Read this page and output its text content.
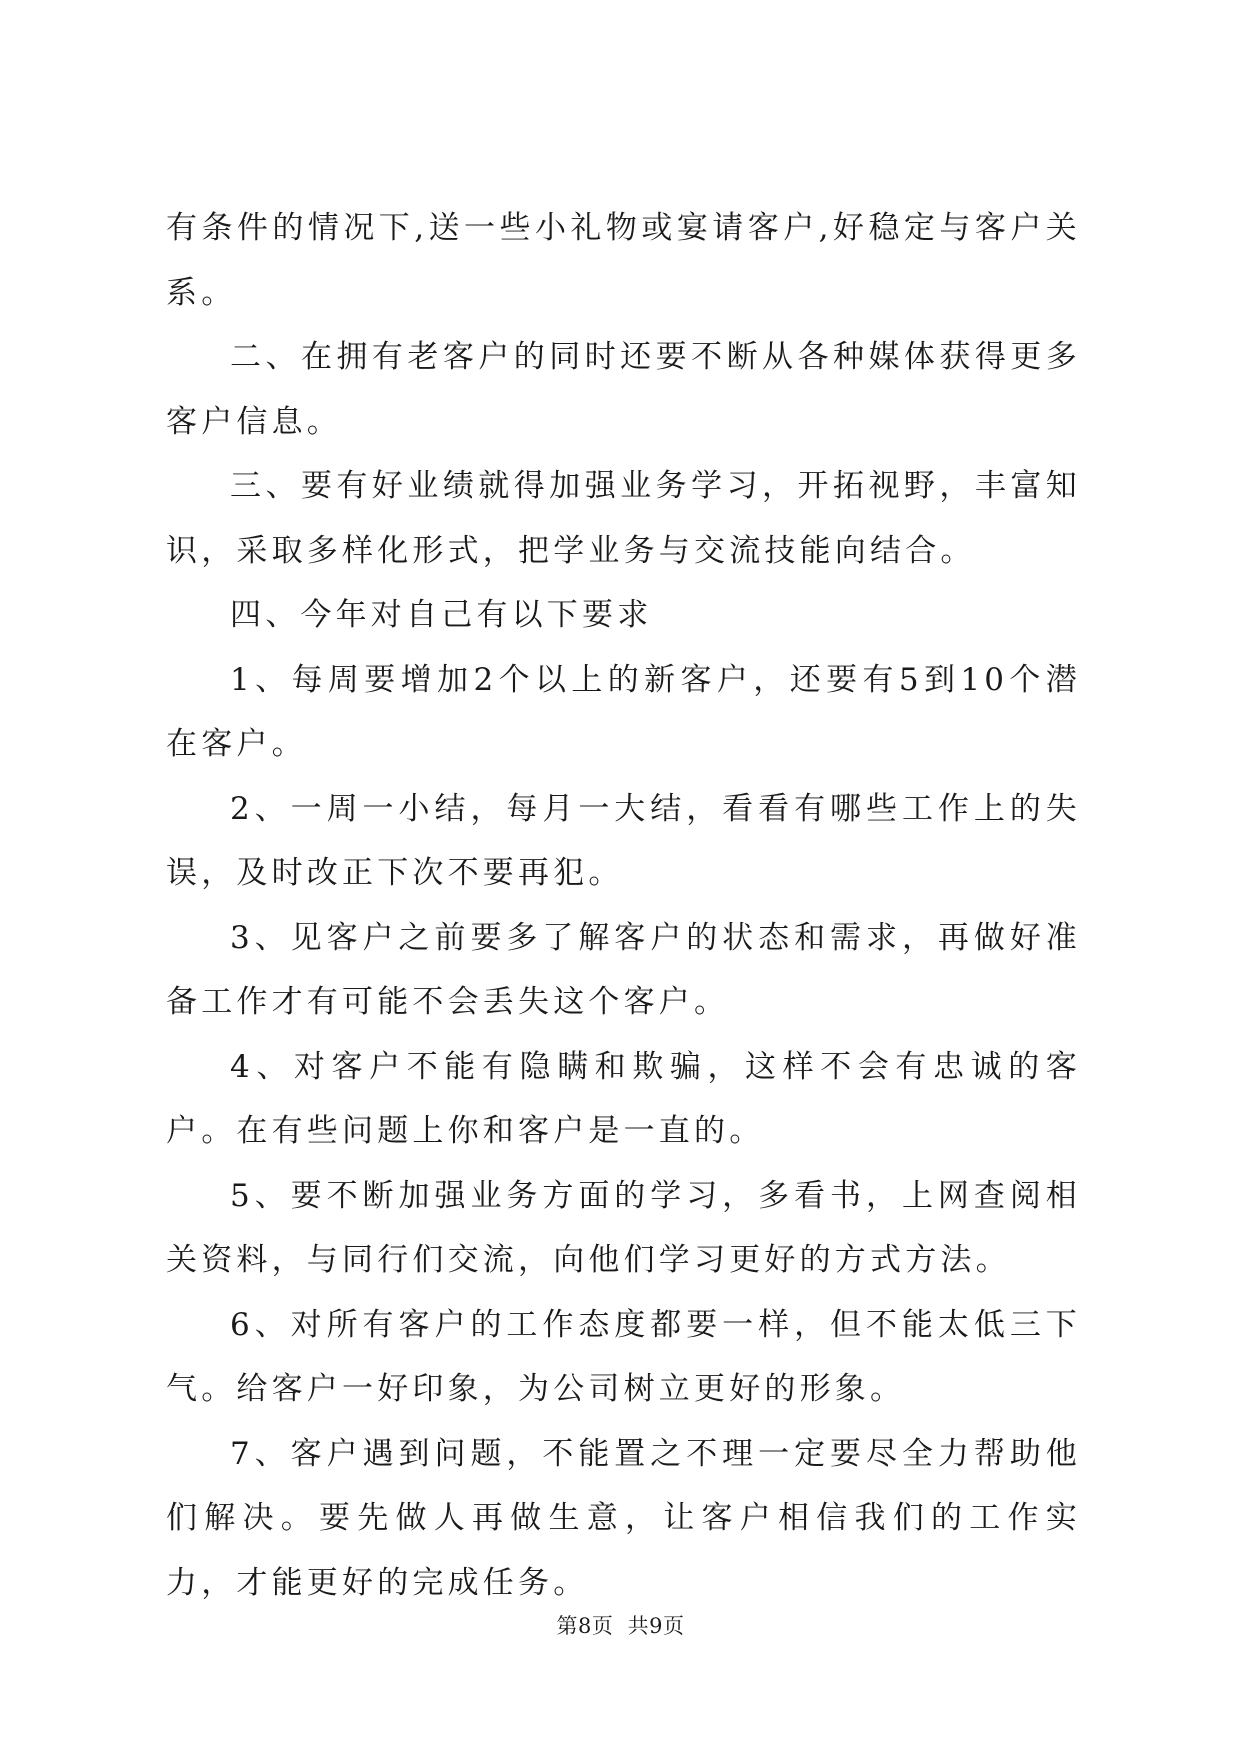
有条件的情况下,送一些小礼物或宴请客户,好稳定与客户关系。

二、在拥有老客户的同时还要不断从各种媒体获得更多客户信息。

三、要有好业绩就得加强业务学习，开拓视野，丰富知识，采取多样化形式，把学业务与交流技能向结合。

四、今年对自己有以下要求

1、每周要增加2个以上的新客户，还要有5到10个潜在客户。

2、一周一小结，每月一大结，看看有哪些工作上的失误，及时改正下次不要再犯。

3、见客户之前要多了解客户的状态和需求，再做好准备工作才有可能不会丢失这个客户。

4、对客户不能有隐瞒和欺骗，这样不会有忠诚的客户。在有些问题上你和客户是一直的。

5、要不断加强业务方面的学习，多看书，上网查阅相关资料，与同行们交流，向他们学习更好的方式方法。

6、对所有客户的工作态度都要一样，但不能太低三下气。给客户一好印象，为公司树立更好的形象。

7、客户遇到问题，不能置之不理一定要尽全力帮助他们解决。要先做人再做生意，让客户相信我们的工作实力，才能更好的完成任务。

第8页  共9页
